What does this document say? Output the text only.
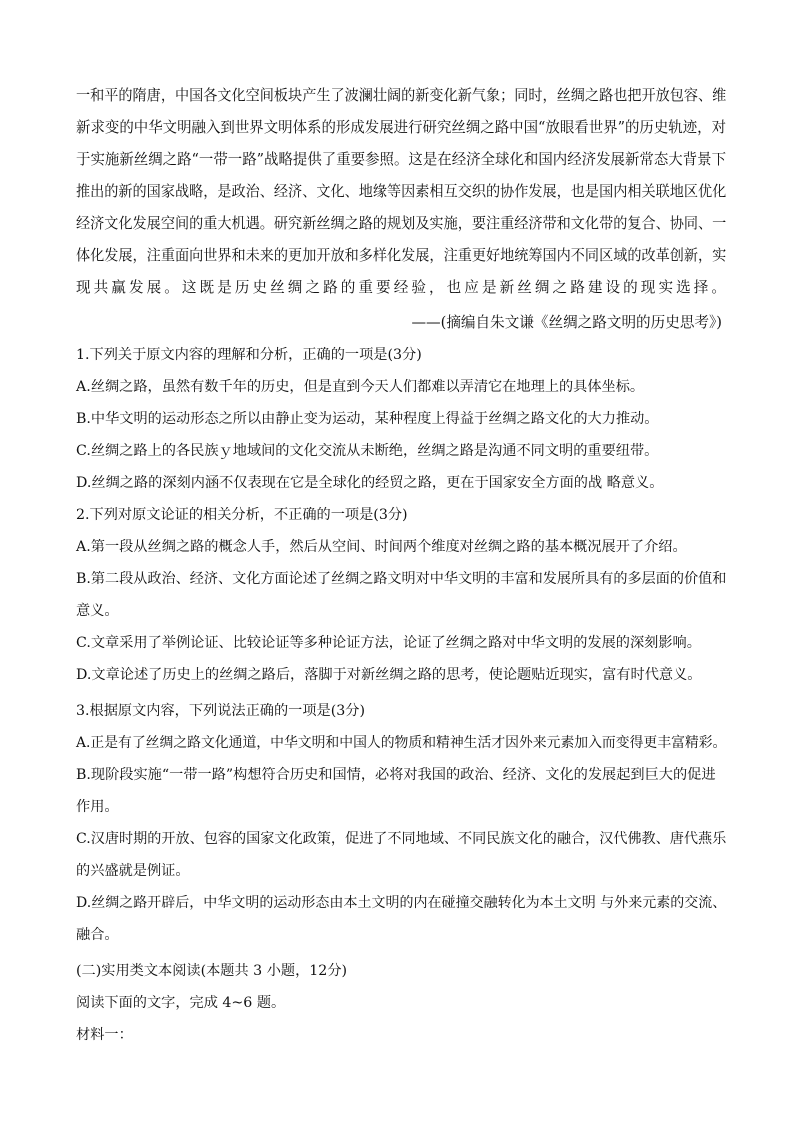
一和平的隋唐，中国各文化空间板块产生了波澜壮阔的新变化新气象；同时，丝绸之路也把开放包容、维
新求变的中华文明融入到世界文明体系的形成发展进行研究丝绸之路中国“放眼看世界”的历史轨迹，对
于实施新丝绸之路“一带一路”战略提供了重要参照。这是在经济全球化和国内经济发展新常态大背景下
推出的新的国家战略，是政治、经济、文化、地缘等因素相互交织的协作发展，也是国内相关联地区优化
经济文化发展空间的重大机遇。研究新丝绸之路的规划及实施，要注重经济带和文化带的复合、协同、一
体化发展，注重面向世界和未来的更加开放和多样化发展，注重更好地统筹国内不同区域的改革创新，实
现共赢发展。这既是历史丝绸之路的重要经验，也应是新丝绸之路建设的现实选择。
——(摘编自朱文谦《丝绸之路文明的历史思考》)
1.下列关于原文内容的理解和分析，正确的一项是(3分)
A.丝绸之路，虽然有数千年的历史，但是直到今天人们都难以弄清它在地理上的具体坐标。
B.中华文明的运动形态之所以由静止变为运动，某种程度上得益于丝绸之路文化的大力推动。
C.丝绸之路上的各民族ｙ地域间的文化交流从未断绝，丝绸之路是沟通不同文明的重要纽带。
D.丝绸之路的深刻内涵不仅表现在它是全球化的经贸之路，更在于国家安全方面的战 略意义。
2.下列对原文论证的相关分析，不正确的一项是(3分)
A.第一段从丝绸之路的概念人手，然后从空间、时间两个维度对丝绸之路的基本概况展开了介绍。
B.第二段从政治、经济、文化方面论述了丝绸之路文明对中华文明的丰富和发展所具有的多层面的价值和
意义。
C.文章采用了举例论证、比较论证等多种论证方法，论证了丝绸之路对中华文明的发展的深刻影响。
D.文章论述了历史上的丝绸之路后，落脚于对新丝绸之路的思考，使论题贴近现实，富有时代意义。
3.根据原文内容，下列说法正确的一项是(3分)
A.正是有了丝绸之路文化通道，中华文明和中国人的物质和精神生活才因外来元素加入而变得更丰富精彩。
B.现阶段实施“一带一路”构想符合历史和国情，必将对我国的政治、经济、文化的发展起到巨大的促进
作用。
C.汉唐时期的开放、包容的国家文化政策，促进了不同地域、不同民族文化的融合，汉代佛教、唐代燕乐
的兴盛就是例证。
D.丝绸之路开辟后，中华文明的运动形态由本土文明的内在碰撞交融转化为本土文明 与外来元素的交流、
融合。
(二)实用类文本阅读(本题共 3 小题，12分)
阅读下面的文字，完成 4~6 题。
材料一：
